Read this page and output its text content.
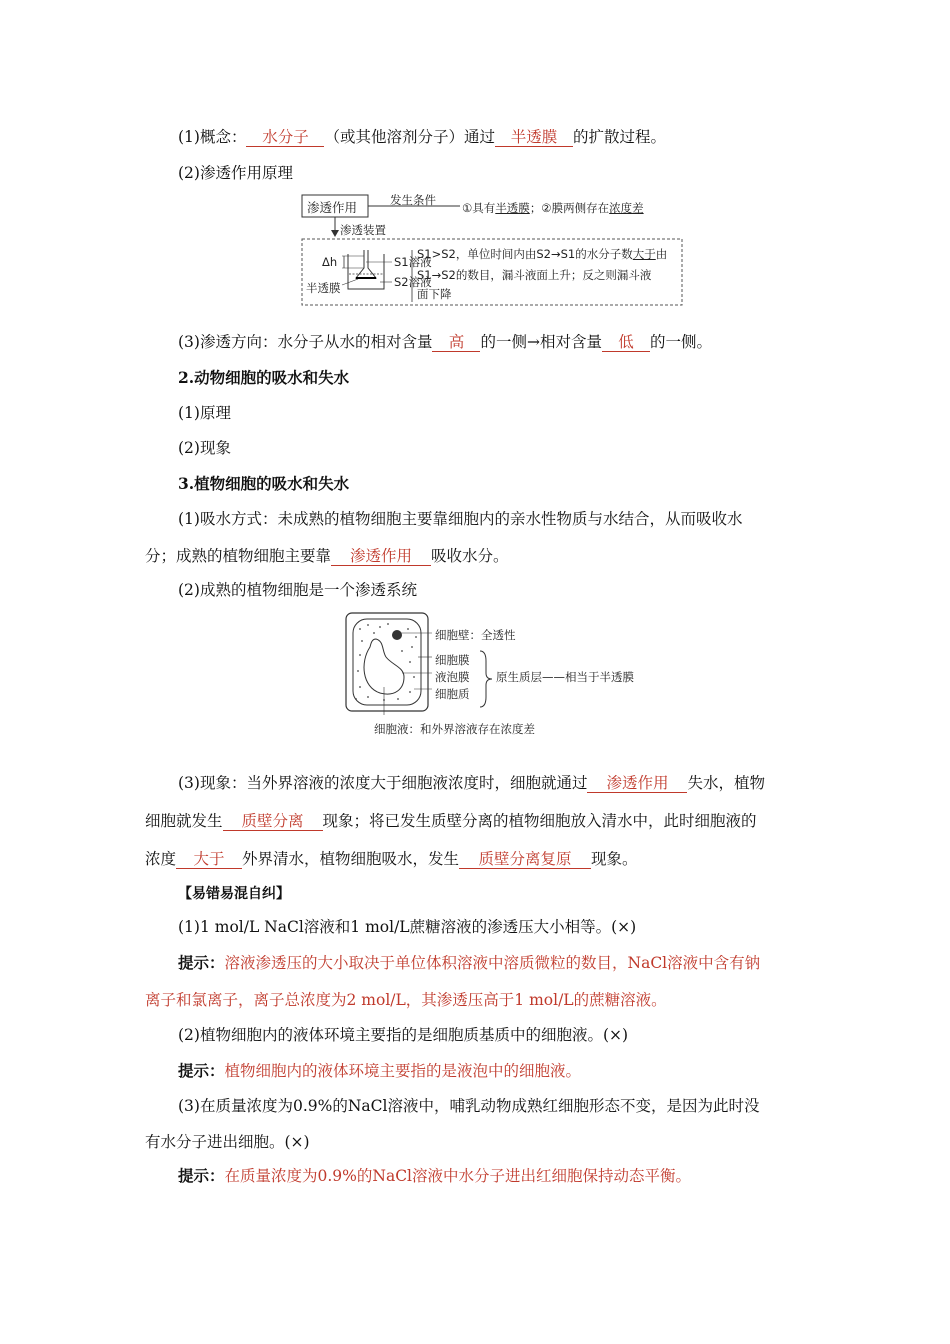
(1)概念： 水分子 （或其他溶剂分子）通过 半透膜 的扩散过程。
(2)渗透作用原理
渗透作用	发生条件
①具有半透膜；②膜两侧存在浓度差
渗透装置
Δh	S1溶液
S2溶液
半透膜
S1>S2，单位时间内由S2→S1的水分子数大于由
S1→S2的数目，漏斗液面上升；反之则漏斗液
面下降
(3)渗透方向：水分子从水的相对含量 高 的一侧→相对含量 低 的一侧。
2.动物细胞的吸水和失水
(1)原理
(2)现象
3.植物细胞的吸水和失水
(1)吸水方式：未成熟的植物细胞主要靠细胞内的亲水性物质与水结合，从而吸收水
分；成熟的植物细胞主要靠 渗透作用 吸收水分。
(2)成熟的植物细胞是一个渗透系统
细胞壁：全透性
细胞膜
液泡膜
细胞质
原生质层——相当于半透膜
细胞液：和外界溶液存在浓度差
(3)现象：当外界溶液的浓度大于细胞液浓度时，细胞就通过 渗透作用 失水，植物
细胞就发生 质壁分离 现象；将已发生质壁分离的植物细胞放入清水中，此时细胞液的
浓度 大于 外界清水，植物细胞吸水，发生 质壁分离复原 现象。
【易错易混自纠】
(1)1 mol/L NaCl溶液和1 mol/L蔗糖溶液的渗透压大小相等。(×)
提示：溶液渗透压的大小取决于单位体积溶液中溶质微粒的数目，NaCl溶液中含有钠
离子和氯离子，离子总浓度为2 mol/L，其渗透压高于1 mol/L的蔗糖溶液。
(2)植物细胞内的液体环境主要指的是细胞质基质中的细胞液。(×)
提示：植物细胞内的液体环境主要指的是液泡中的细胞液。
(3)在质量浓度为0.9%的NaCl溶液中，哺乳动物成熟红细胞形态不变，是因为此时没
有水分子进出细胞。(×)
提示：在质量浓度为0.9%的NaCl溶液中水分子进出红细胞保持动态平衡。
